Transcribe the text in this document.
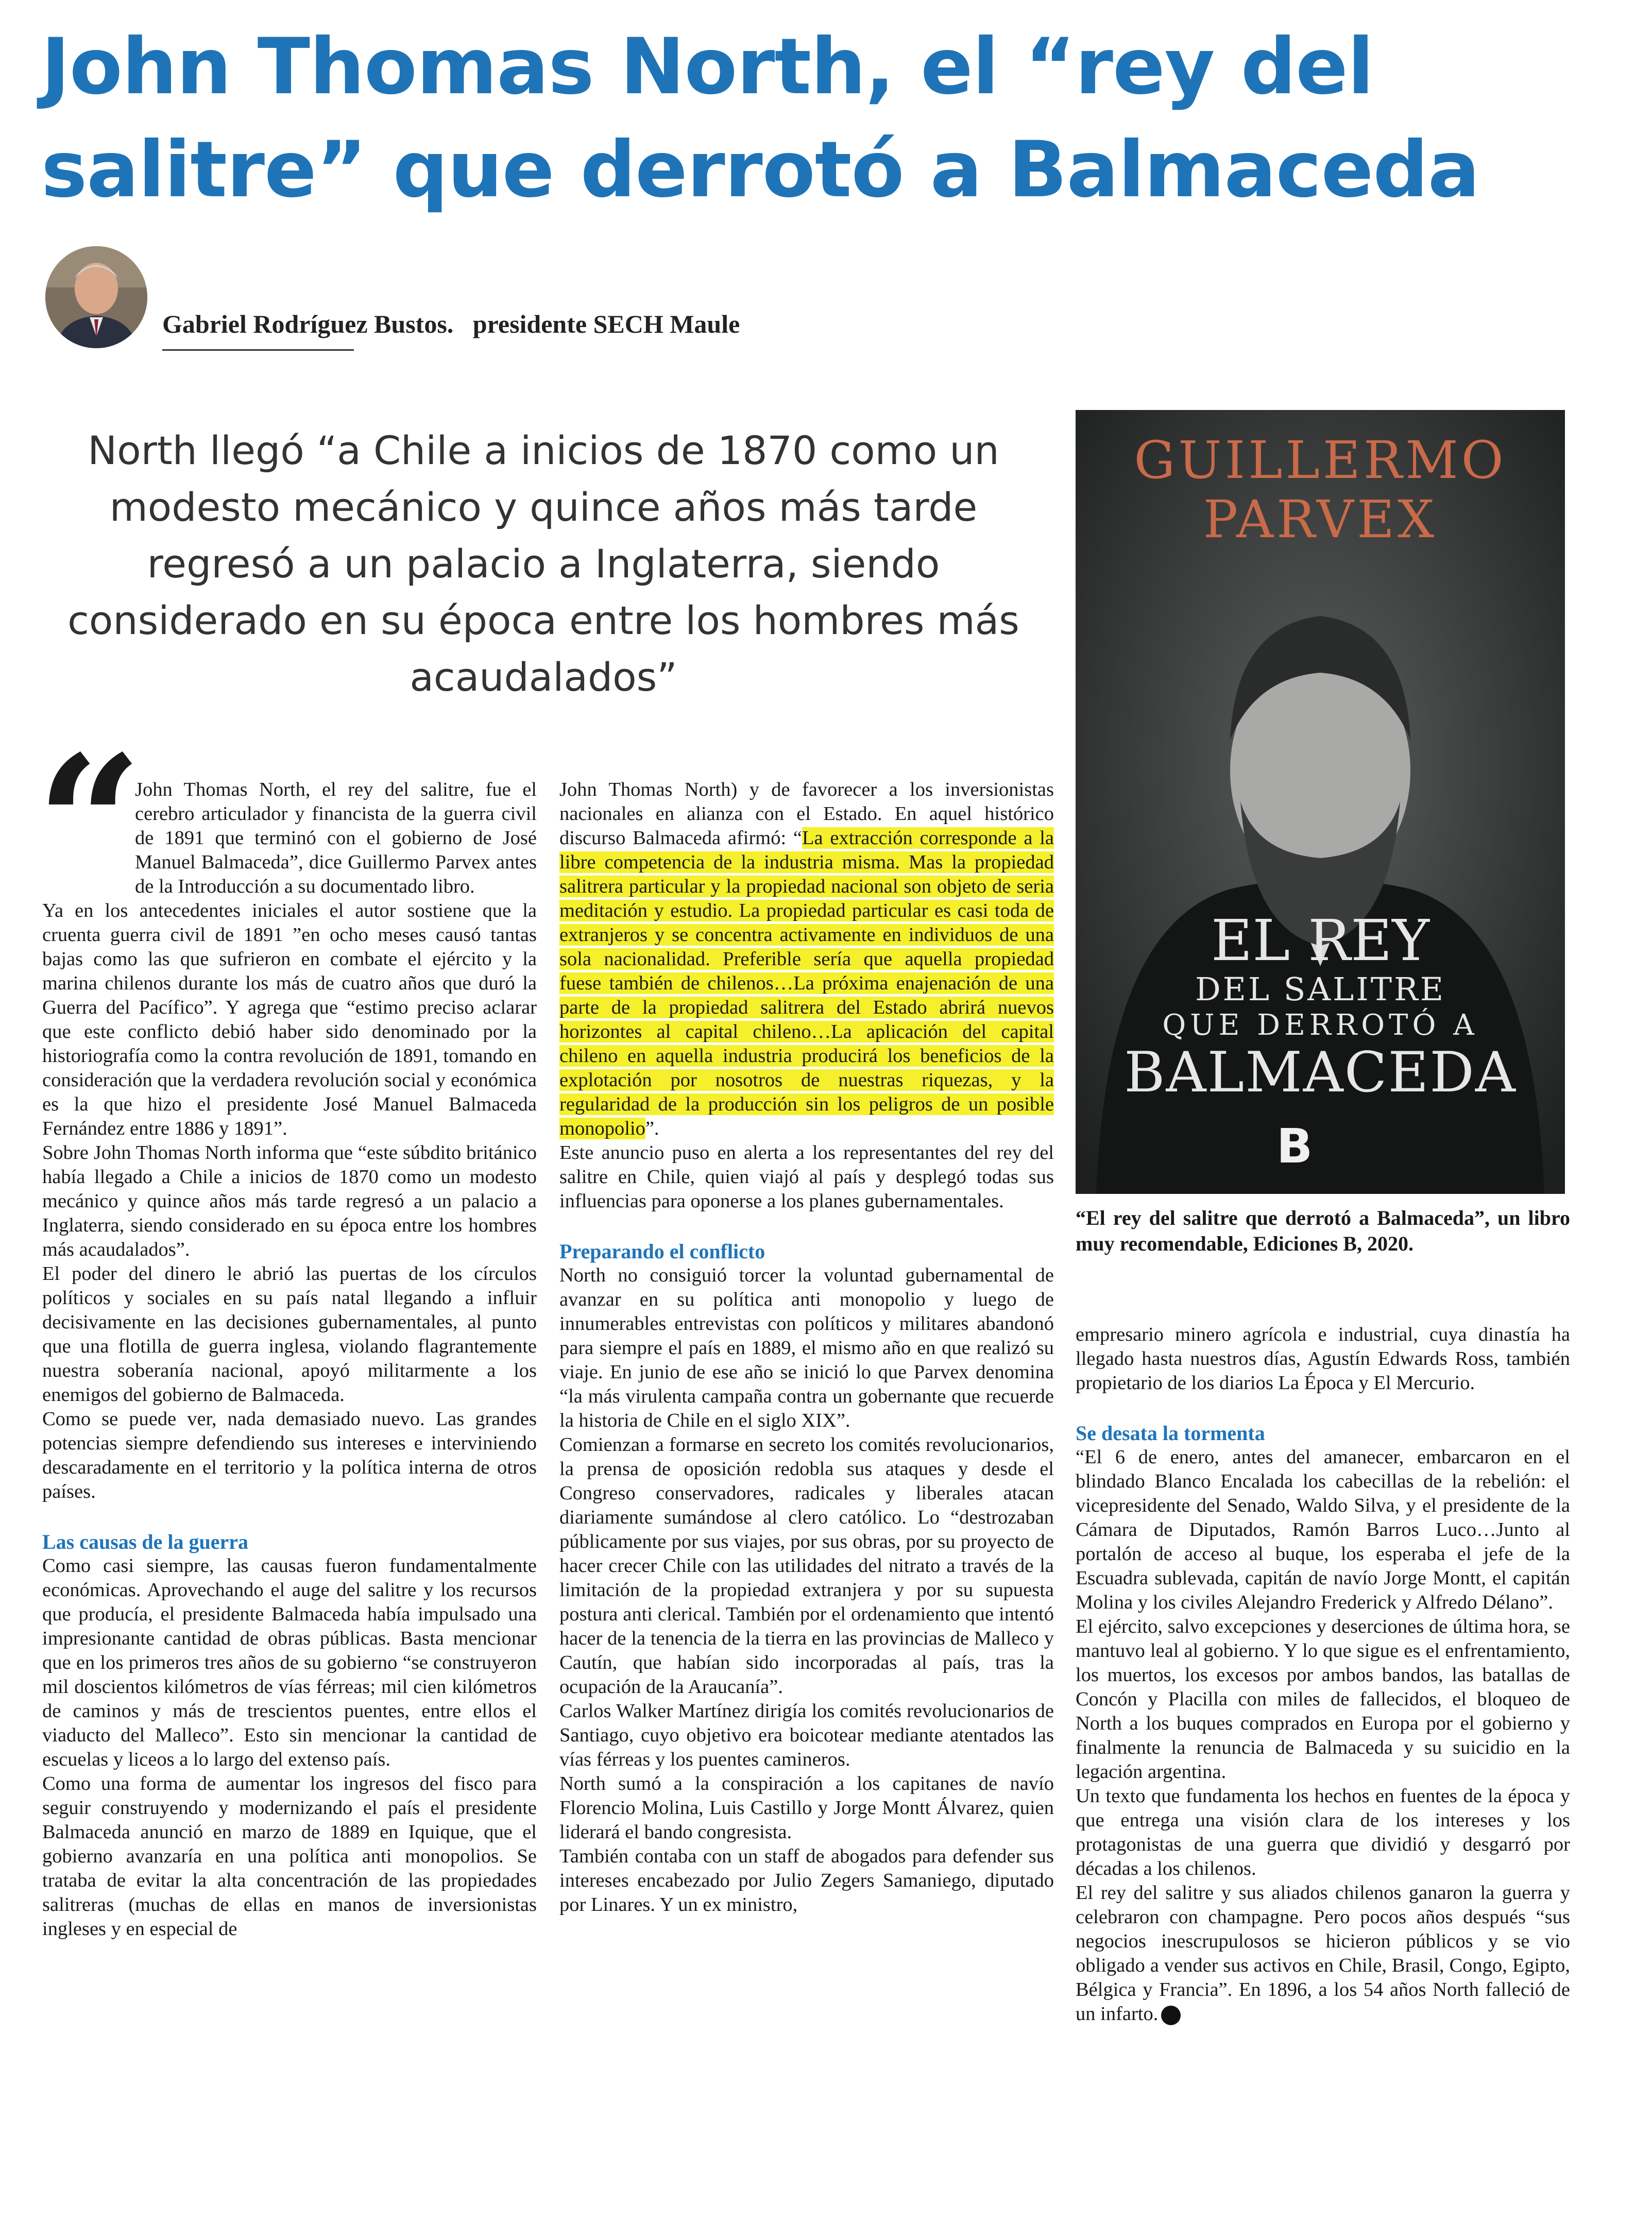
John Thomas North, el “rey del salitre” que derrotó a Balmaceda
Gabriel Rodríguez Bustos. presidente SECH Maule

North llegó “a Chile a inicios de 1870 como un modesto mecánico y quince años más tarde regresó a un palacio a Inglaterra, siendo considerado en su época entre los hombres más acaudalados”

“

John Thomas North, el rey del salitre, fue el cerebro articulador y financista de la guerra civil de 1891 que terminó con el gobierno de José Manuel Balmaceda”, dice Guillermo Parvex antes de la Introducción a su documentado libro.

Ya en los antecedentes iniciales el autor sostiene que la cruenta guerra civil de 1891 ”en ocho meses causó tantas bajas como las que sufrieron en combate el ejército y la marina chilenos durante los más de cuatro años que duró la Guerra del Pacífico”. Y agrega que “estimo preciso aclarar que este conflicto debió haber sido denominado por la historiografía como la contra revolución de 1891, tomando en consideración que la verdadera revolución social y económica es la que hizo el presidente José Manuel Balmaceda Fernández entre 1886 y 1891”.

Sobre John Thomas North informa que “este súbdito británico había llegado a Chile a inicios de 1870 como un modesto mecánico y quince años más tarde regresó a un palacio a Inglaterra, siendo considerado en su época entre los hombres más acaudalados”.

El poder del dinero le abrió las puertas de los círculos políticos y sociales en su país natal llegando a influir decisivamente en las decisiones gubernamentales, al punto que una flotilla de guerra inglesa, violando flagrantemente nuestra soberanía nacional, apoyó militarmente a los enemigos del gobierno de Balmaceda.

Como se puede ver, nada demasiado nuevo. Las grandes potencias siempre defendiendo sus intereses e interviniendo descaradamente en el territorio y la política interna de otros países.

Las causas de la guerra

Como casi siempre, las causas fueron fundamentalmente económicas. Aprovechando el auge del salitre y los recursos que producía, el presidente Balmaceda había impulsado una impresionante cantidad de obras públicas. Basta mencionar que en los primeros tres años de su gobierno “se construyeron mil doscientos kilómetros de vías férreas; mil cien kilómetros de caminos y más de trescientos puentes, entre ellos el viaducto del Malleco”. Esto sin mencionar la cantidad de escuelas y liceos a lo largo del extenso país.

Como una forma de aumentar los ingresos del fisco para seguir construyendo y modernizando el país el presidente Balmaceda anunció en marzo de 1889 en Iquique, que el gobierno avanzaría en una política anti monopolios. Se trataba de evitar la alta concentración de las propiedades salitreras (muchas de ellas en manos de inversionistas ingleses y en especial de

John Thomas North) y de favorecer a los inversionistas nacionales en alianza con el Estado. En aquel histórico discurso Balmaceda afirmó: “La extracción corresponde a la libre competencia de la industria misma. Mas la propiedad salitrera particular y la propiedad nacional son objeto de seria meditación y estudio. La propiedad particular es casi toda de extranjeros y se concentra activamente en individuos de una sola nacionalidad. Preferible sería que aquella propiedad fuese también de chilenos…La próxima enajenación de una parte de la propiedad salitrera del Estado abrirá nuevos horizontes al capital chileno…La aplicación del capital chileno en aquella industria producirá los beneficios de la explotación por nosotros de nuestras riquezas, y la regularidad de la producción sin los peligros de un posible monopolio”.

Este anuncio puso en alerta a los representantes del rey del salitre en Chile, quien viajó al país y desplegó todas sus influencias para oponerse a los planes gubernamentales.

Preparando el conflicto

North no consiguió torcer la voluntad gubernamental de avanzar en su política anti monopolio y luego de innumerables entrevistas con políticos y militares abandonó para siempre el país en 1889, el mismo año en que realizó su viaje. En junio de ese año se inició lo que Parvex denomina “la más virulenta campaña contra un gobernante que recuerde la historia de Chile en el siglo XIX”.

Comienzan a formarse en secreto los comités revolucionarios, la prensa de oposición redobla sus ataques y desde el Congreso conservadores, radicales y liberales atacan diariamente sumándose al clero católico. Lo “destrozaban públicamente por sus viajes, por sus obras, por su proyecto de hacer crecer Chile con las utilidades del nitrato a través de la limitación de la propiedad extranjera y por su supuesta postura anti clerical. También por el ordenamiento que intentó hacer de la tenencia de la tierra en las provincias de Malleco y Cautín, que habían sido incorporadas al país, tras la ocupación de la Araucanía”.

Carlos Walker Martínez dirigía los comités revolucionarios de Santiago, cuyo objetivo era boicotear mediante atentados las vías férreas y los puentes camineros.

North sumó a la conspiración a los capitanes de navío Florencio Molina, Luis Castillo y Jorge Montt Álvarez, quien liderará el bando congresista.

También contaba con un staff de abogados para defender sus intereses encabezado por Julio Zegers Samaniego, diputado por Linares. Y un ex ministro,

GUILLERMO
PARVEX
EL REY
DEL SALITRE
QUE DERROTÓ A
BALMACEDA
B

“El rey del salitre que derrotó a Balmaceda”, un libro muy recomendable, Ediciones B, 2020.

empresario minero agrícola e industrial, cuya dinastía ha llegado hasta nuestros días, Agustín Edwards Ross, también propietario de los diarios La Época y El Mercurio.

Se desata la tormenta

“El 6 de enero, antes del amanecer, embarcaron en el blindado Blanco Encalada los cabecillas de la rebelión: el vicepresidente del Senado, Waldo Silva, y el presidente de la Cámara de Diputados, Ramón Barros Luco…Junto al portalón de acceso al buque, los esperaba el jefe de la Escuadra sublevada, capitán de navío Jorge Montt, el capitán Molina y los civiles Alejandro Frederick y Alfredo Délano”.

El ejército, salvo excepciones y deserciones de última hora, se mantuvo leal al gobierno. Y lo que sigue es el enfrentamiento, los muertos, los excesos por ambos bandos, las batallas de Concón y Placilla con miles de fallecidos, el bloqueo de North a los buques comprados en Europa por el gobierno y finalmente la renuncia de Balmaceda y su suicidio en la legación argentina.

Un texto que fundamenta los hechos en fuentes de la época y que entrega una visión clara de los intereses y los protagonistas de una guerra que dividió y desgarró por décadas a los chilenos.

El rey del salitre y sus aliados chilenos ganaron la guerra y celebraron con champagne. Pero pocos años después “sus negocios inescrupulosos se hicieron públicos y se vio obligado a vender sus activos en Chile, Brasil, Congo, Egipto, Bélgica y Francia”. En 1896, a los 54 años North falleció de un infarto.
